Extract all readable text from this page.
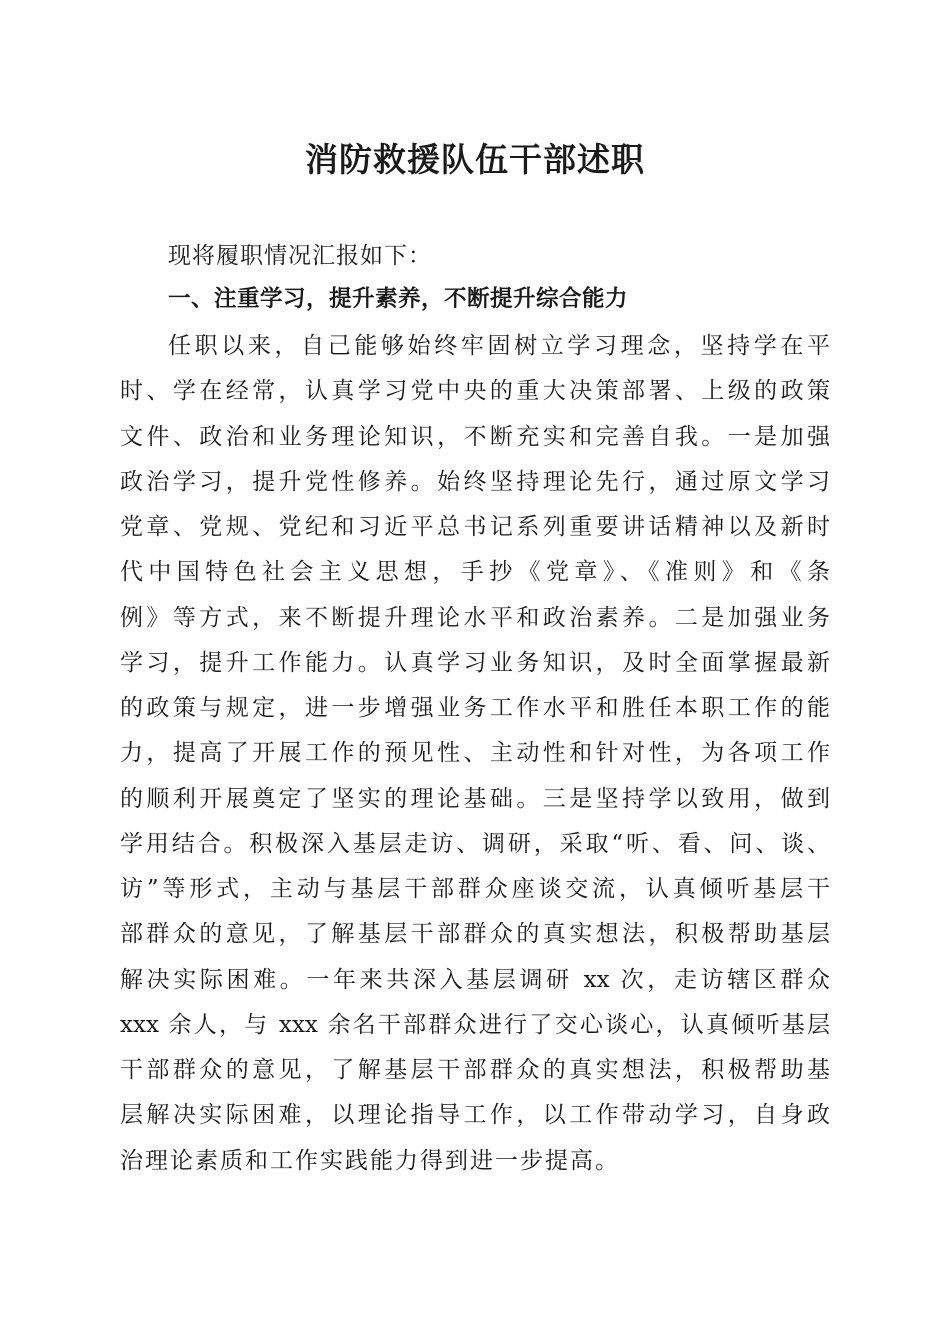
消防救援队伍干部述职

现将履职情况汇报如下：

一、注重学习，提升素养，不断提升综合能力
任职以来，自己能够始终牢固树立学习理念，坚持学在平
时、学在经常，认真学习党中央的重大决策部署、上级的政策
文件、政治和业务理论知识，不断充实和完善自我。一是加强
政治学习，提升党性修养。始终坚持理论先行，通过原文学习
党章、党规、党纪和习近平总书记系列重要讲话精神以及新时
代中国特色社会主义思想，手抄《党章》、《准则》和《条
例》等方式，来不断提升理论水平和政治素养。二是加强业务
学习，提升工作能力。认真学习业务知识，及时全面掌握最新
的政策与规定，进一步增强业务工作水平和胜任本职工作的能
力，提高了开展工作的预见性、主动性和针对性，为各项工作
的顺利开展奠定了坚实的理论基础。三是坚持学以致用，做到
学用结合。积极深入基层走访、调研，采取“听、看、问、谈、
访”等形式，主动与基层干部群众座谈交流，认真倾听基层干
部群众的意见，了解基层干部群众的真实想法，积极帮助基层
解决实际困难。一年来共深入基层调研 xx 次，走访辖区群众
xxx 余人，与 xxx 余名干部群众进行了交心谈心，认真倾听基层
干部群众的意见，了解基层干部群众的真实想法，积极帮助基
层解决实际困难，以理论指导工作，以工作带动学习，自身政
治理论素质和工作实践能力得到进一步提高。
